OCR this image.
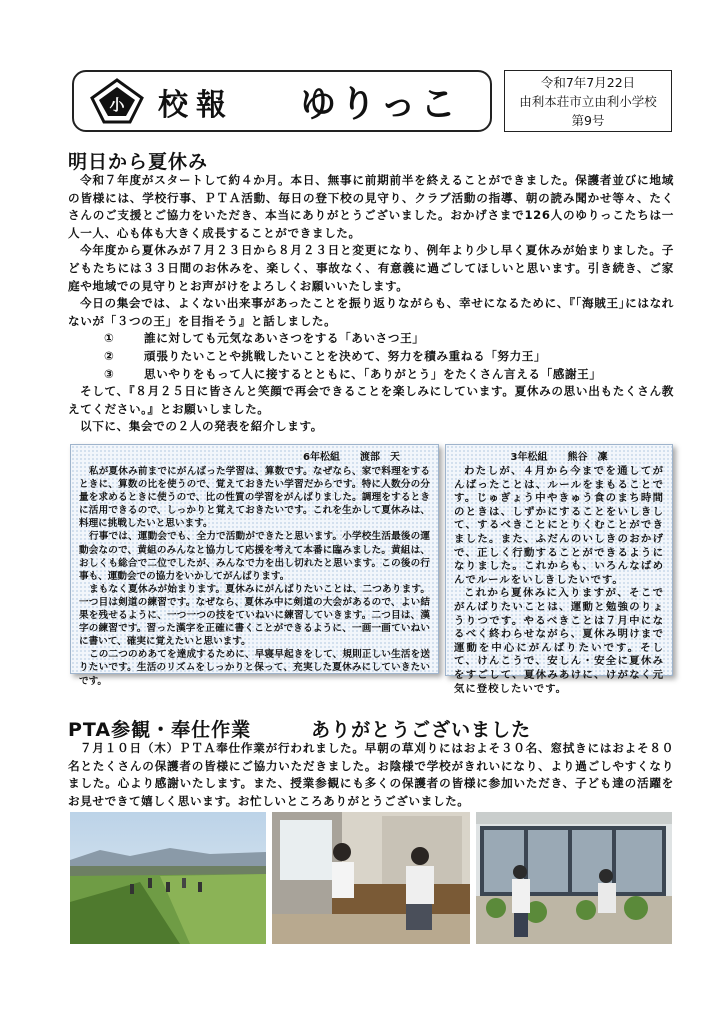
小 校報 ゆりっこ
令和7年7月22日
由利本荘市立由利小学校
第9号
明日から夏休み

令和７年度がスタートして約４か月。本日、無事に前期前半を終えることができました。保護者並びに地域の皆様には、学校行事、ＰＴＡ活動、毎日の登下校の見守り、クラブ活動の指導、朝の読み聞かせ等々、たくさんのご支援とご協力をいただき、本当にありがとうございました。おかげさまで126人のゆりっこたちは一人一人、心も体も大きく成長することができました。

今年度から夏休みが７月２３日から８月２３日と変更になり、例年より少し早く夏休みが始まりました。子どもたちには３３日間のお休みを、楽しく、事故なく、有意義に過ごしてほしいと思います。引き続き、ご家庭や地域での見守りとお声がけをよろしくお願いいたします。

今日の集会では、よくない出来事があったことを振り返りながらも、幸せになるために、『｢海賊王｣にはなれないが「３つの王」を目指そう』と話しました。

①	誰に対しても元気なあいさつをする「あいさつ王」
②	頑張りたいことや挑戦したいことを決めて、努力を積み重ねる「努力王」
③	思いやりをもって人に接するとともに、「ありがとう」をたくさん言える「感謝王」

そして、『８月２５日に皆さんと笑顔で再会できることを楽しみにしています。夏休みの思い出もたくさん教えてください。』とお願いしました。

以下に、集会での２人の発表を紹介します。

6年松組　　渡部　天

私が夏休み前までにがんばった学習は、算数です。なぜなら、家で料理をするときに、算数の比を使うので、覚えておきたい学習だからです。特に人数分の分量を求めるときに使うので、比の性質の学習をがんばりました。調理をするときに活用できるので、しっかりと覚えておきたいです。これを生かして夏休みは、料理に挑戦したいと思います。

行事では、運動会でも、全力で活動ができたと思います。小学校生活最後の運動会なので、黄組のみんなと協力して応援を考えて本番に臨みました。黄組は、おしくも総合で二位でしたが、みんなで力を出し切れたと思います。この後の行事も、運動会での協力をいかしてがんばります。

まもなく夏休みが始まります。夏休みにがんばりたいことは、二つあります。一つ目は剣道の練習です。なぜなら、夏休み中に剣道の大会があるので、よい結果を残せるように、一つ一つの技をていねいに練習していきます。二つ目は、漢字の練習です。習った漢字を正確に書くことができるように、一画一画ていねいに書いて、確実に覚えたいと思います。

この二つのめあてを達成するために、早寝早起きをして、規則正しい生活を送りたいです。生活のリズムをしっかりと保って、充実した夏休みにしていきたいです。

3年松組　　熊谷　凜

わたしが、４月から今までを通してがんばったことは、ルールをまもることです。じゅぎょう中やきゅう食のまち時間のときは、しずかにすることをいしきして、するべきことにとりくむことができました。また、ふだんのいしきのおかげで、正しく行動することができるようになりました。これからも、いろんなばめんでルールをいしきしたいです。

これから夏休みに入りますが、そこでがんばりたいことは、運動と勉強のりょうりつです。やるべきことは７月中になるべく終わらせながら、夏休み明けまで運動を中心にがんばりたいです。そして、けんこうで、安しん・安全に夏休みをすごして、夏休みあけに、けがなく元気に登校したいです。

PTA参観・奉仕作業　　　ありがとうございました

７月１０日（木）ＰＴＡ奉仕作業が行われました。早朝の草刈りにはおよそ３０名、窓拭きにはおよそ８０名とたくさんの保護者の皆様にご協力いただきました。お陰様で学校がきれいになり、より過ごしやすくなりました。心より感謝いたします。また、授業参観にも多くの保護者の皆様に参加いただき、子ども達の活躍をお見せできて嬉しく思います。お忙しいところありがとうございました。
